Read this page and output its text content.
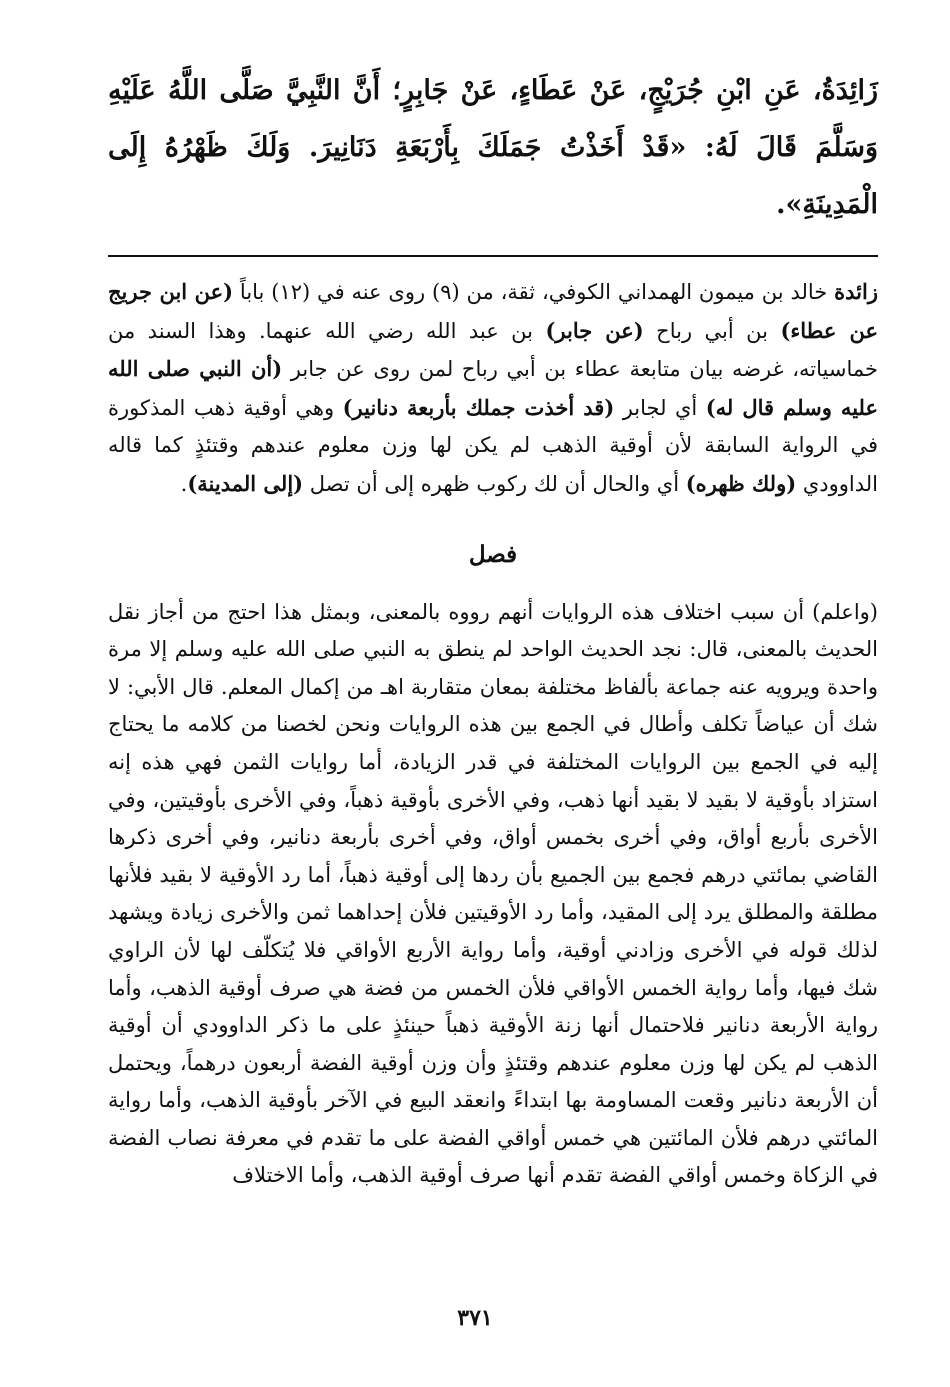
زَائِدَةُ، عَنِ ابْنِ جُرَيْجٍ، عَنْ عَطَاءٍ، عَنْ جَابِرٍ؛ أَنَّ النَّبِيَّ صَلَّى اللَّهُ عَلَيْهِ وَسَلَّمَ قَالَ لَهُ: «قَدْ أَخَذْتُ جَمَلَكَ بِأَرْبَعَةِ دَنَانِيرَ. وَلَكَ ظَهْرُهُ إِلَى الْمَدِينَةِ».
زائدة خالد بن ميمون الهمداني الكوفي، ثقة، من (٩) روى عنه في (١٢) باباً (عن ابن جريج عن عطاء) بن أبي رباح (عن جابر) بن عبد الله رضي الله عنهما. وهذا السند من خماسياته، غرضه بيان متابعة عطاء بن أبي رباح لمن روى عن جابر (أن النبي صلى الله عليه وسلم قال له) أي لجابر (قد أخذت جملك بأربعة دنانير) وهي أوقية ذهب المذكورة في الرواية السابقة لأن أوقية الذهب لم يكن لها وزن معلوم عندهم وقتئذٍ كما قاله الداوودي (ولك ظهره) أي والحال أن لك ركوب ظهره إلى أن تصل (إلى المدينة).
فصل
(واعلم) أن سبب اختلاف هذه الروايات أنهم رووه بالمعنى، وبمثل هذا احتج من أجاز نقل الحديث بالمعنى، قال: نجد الحديث الواحد لم ينطق به النبي صلى الله عليه وسلم إلا مرة واحدة ويرويه عنه جماعة بألفاظ مختلفة بمعان متقاربة اهـ من إكمال المعلم. قال الأبي: لا شك أن عياضاً تكلف وأطال في الجمع بين هذه الروايات ونحن لخصنا من كلامه ما يحتاج إليه في الجمع بين الروايات المختلفة في قدر الزيادة، أما روايات الثمن فهي هذه إنه استزاد بأوقية لا بقيد لا بقيد أنها ذهب، وفي الأخرى بأوقية ذهباً، وفي الأخرى بأوقيتين، وفي الأخرى بأربع أواق، وفي أخرى بخمس أواق، وفي أخرى بأربعة دنانير، وفي أخرى ذكرها القاضي بمائتي درهم فجمع بين الجميع بأن ردها إلى أوقية ذهباً، أما رد الأوقية لا بقيد فلأنها مطلقة والمطلق يرد إلى المقيد، وأما رد الأوقيتين فلأن إحداهما ثمن والأخرى زيادة ويشهد لذلك قوله في الأخرى وزادني أوقية، وأما رواية الأربع الأواقي فلا يُتكلّف لها لأن الراوي شك فيها، وأما رواية الخمس الأواقي فلأن الخمس من فضة هي صرف أوقية الذهب، وأما رواية الأربعة دنانير فلاحتمال أنها زنة الأوقية ذهباً حينئذٍ على ما ذكر الداوودي أن أوقية الذهب لم يكن لها وزن معلوم عندهم وقتئذٍ وأن وزن أوقية الفضة أربعون درهماً، ويحتمل أن الأربعة دنانير وقعت المساومة بها ابتداءً وانعقد البيع في الآخر بأوقية الذهب، وأما رواية المائتي درهم فلأن المائتين هي خمس أواقي الفضة على ما تقدم في معرفة نصاب الفضة في الزكاة وخمس أواقي الفضة تقدم أنها صرف أوقية الذهب، وأما الاختلاف
٣٧١
